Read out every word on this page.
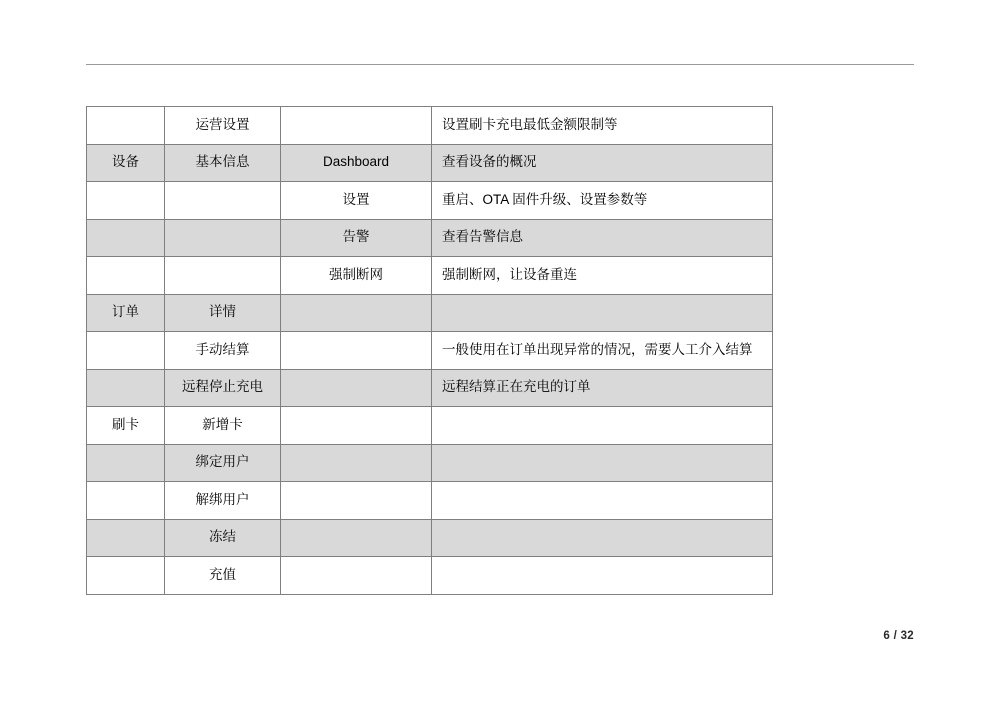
	运营设置		设置刷卡充电最低金额限制等
设备	基本信息	Dashboard	查看设备的概况
		设置	重启、OTA 固件升级、设置参数等
		告警	查看告警信息
		强制断网	强制断网，让设备重连
订单	详情		
	手动结算		一般使用在订单出现异常的情况，需要人工介入结算
	远程停止充电		远程结算正在充电的订单
刷卡	新增卡		
	绑定用户		
	解绑用户		
	冻结		
	充值		
6 / 32
